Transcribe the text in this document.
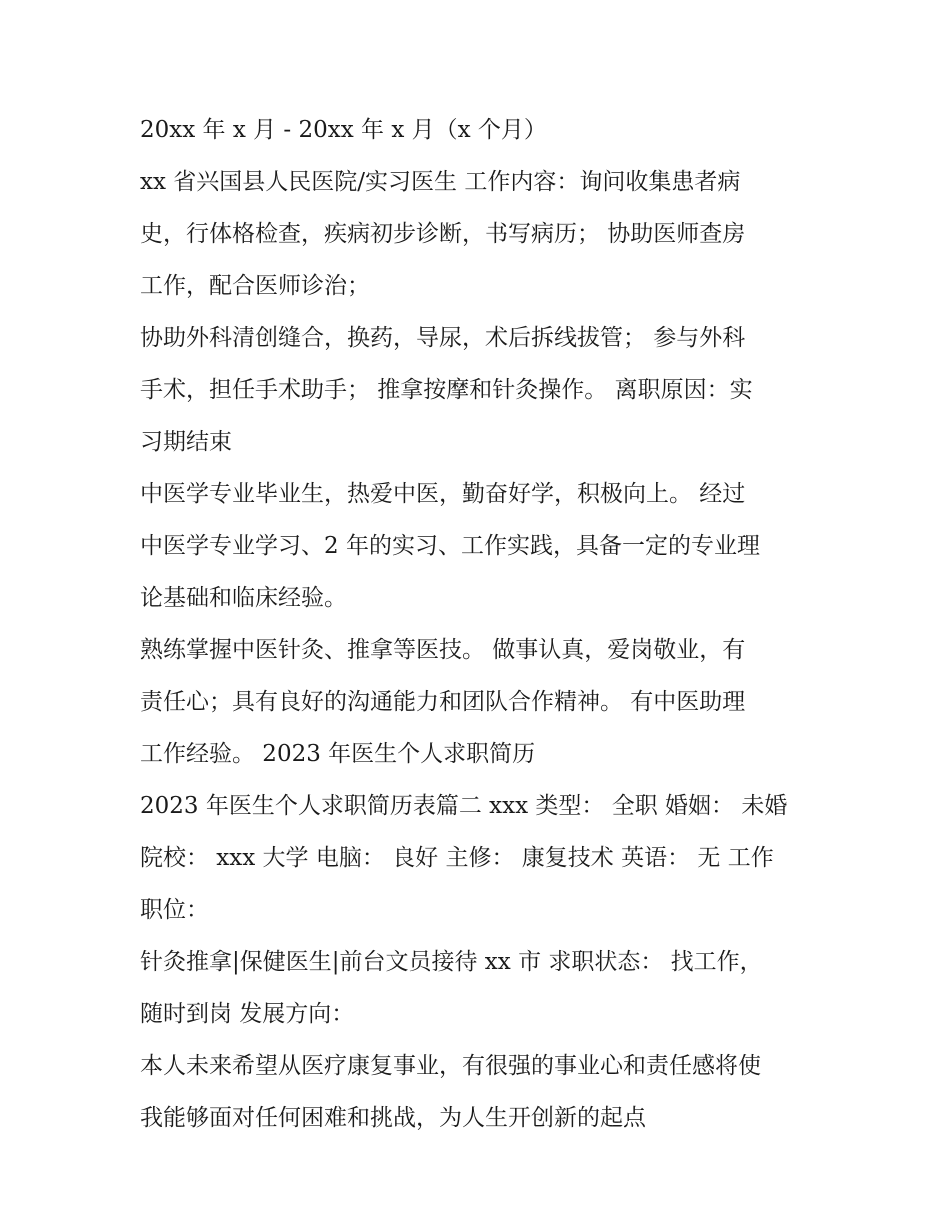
20xx 年 x 月 - 20xx 年 x 月（x 个月）
xx 省兴国县人民医院/实习医生 工作内容：询问收集患者病
史，行体格检查，疾病初步诊断，书写病历； 协助医师查房
工作，配合医师诊治；
协助外科清创缝合，换药，导尿，术后拆线拔管； 参与外科
手术，担任手术助手； 推拿按摩和针灸操作。 离职原因：实
习期结束
中医学专业毕业生，热爱中医，勤奋好学，积极向上。 经过
中医学专业学习、2 年的实习、工作实践，具备一定的专业理
论基础和临床经验。
熟练掌握中医针灸、推拿等医技。 做事认真，爱岗敬业，有
责任心；具有良好的沟通能力和团队合作精神。 有中医助理
工作经验。 2023 年医生个人求职简历
2023 年医生个人求职简历表篇二 xxx 类型： 全职 婚姻： 未婚
院校： xxx 大学 电脑： 良好 主修： 康复技术 英语： 无 工作
职位：
针灸推拿|保健医生|前台文员接待 xx 市 求职状态： 找工作，
随时到岗 发展方向：
本人未来希望从医疗康复事业，有很强的事业心和责任感将使
我能够面对任何困难和挑战，为人生开创新的起点
